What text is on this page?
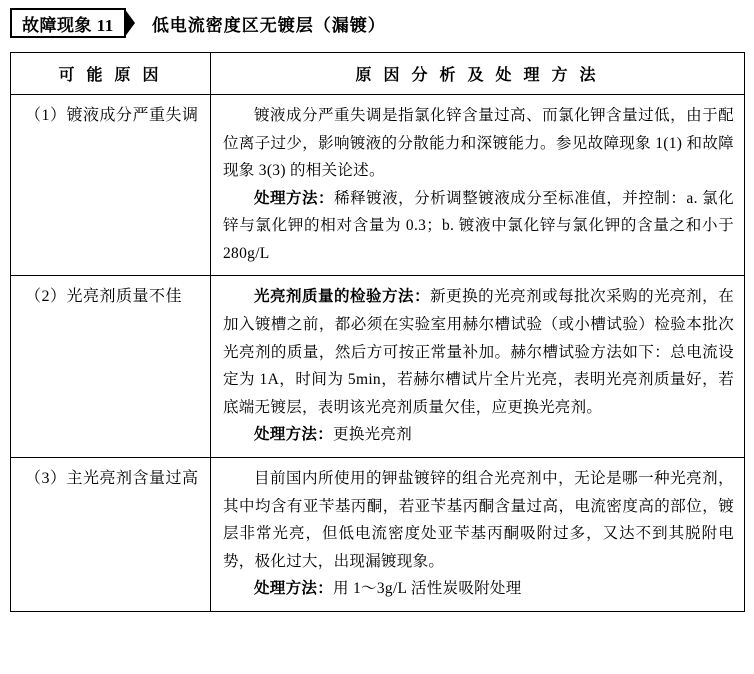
故障现象 11	低电流密度区无镀层（漏镀）
可 能 原 因	原 因 分 析 及 处 理 方 法
（1）镀液成分严重失调	镀液成分严重失调是指氯化锌含量过高、而氯化钾含量过低，由于配位离子过少，影响镀液的分散能力和深镀能力。参见故障现象 1(1) 和故障现象 3(3) 的相关论述。

处理方法：稀释镀液，分析调整镀液成分至标准值，并控制：a. 氯化锌与氯化钾的相对含量为 0.3；b. 镀液中氯化锌与氯化钾的含量之和小于 280g/L

（2）光亮剂质量不佳	光亮剂质量的检验方法：新更换的光亮剂或每批次采购的光亮剂，在加入镀槽之前，都必须在实验室用赫尔槽试验（或小槽试验）检验本批次光亮剂的质量，然后方可按正常量补加。赫尔槽试验方法如下：总电流设定为 1A，时间为 5min，若赫尔槽试片全片光亮，表明光亮剂质量好，若底端无镀层，表明该光亮剂质量欠佳，应更换光亮剂。

处理方法：更换光亮剂

（3）主光亮剂含量过高	目前国内所使用的钾盐镀锌的组合光亮剂中，无论是哪一种光亮剂，其中均含有亚苄基丙酮，若亚苄基丙酮含量过高，电流密度高的部位，镀层非常光亮，但低电流密度处亚苄基丙酮吸附过多，又达不到其脱附电势，极化过大，出现漏镀现象。

处理方法：用 1～3g/L 活性炭吸附处理
